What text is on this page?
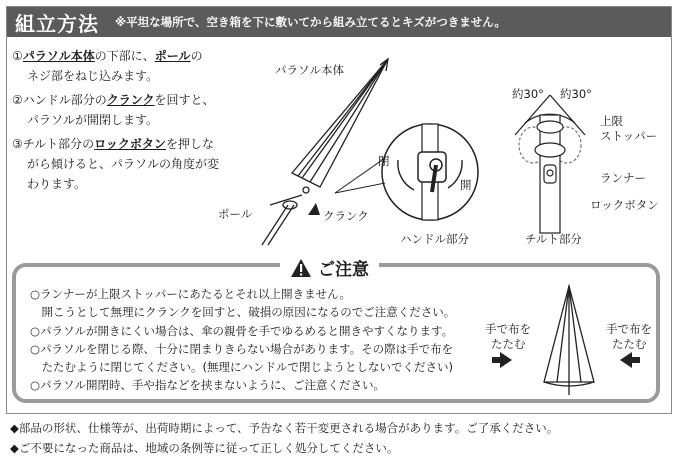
組立方法 ※平坦な場所で、空き箱を下に敷いてから組み立てるとキズがつきません。
①パラソル本体の下部に、ポールの
ネジ部をねじ込みます。
②ハンドル部分のクランクを回すと、
パラソルが開閉します。
③チルト部分のロックボタンを押しな
がら傾けると、パラソルの角度が変
わります。
パラソル本体
ポール	クランク
閉
開
ハンドル部分
約30° 約30°
上限
ストッパー
ランナー
ロックボタン
チルト部分
ご注意
○ランナーが上限ストッパーにあたるとそれ以上開きません。
　開こうとして無理にクランクを回すと、破損の原因になるのでご注意ください。
○パラソルが開きにくい場合は、傘の親骨を手でゆるめると開きやすくなります。
○パラソルを閉じる際、十分に閉まりきらない場合があります。その際は手で布を
　たたむように閉じてください。(無理にハンドルで閉じようとしないでください)
○パラソル開閉時、手や指などを挟まないように、ご注意ください。
手で布を
たたむ
手で布を
たたむ
◆部品の形状、仕様等が、出荷時期によって、予告なく若干変更される場合があります。ご了承ください。
◆ご不要になった商品は、地域の条例等に従って正しく処分してください。
